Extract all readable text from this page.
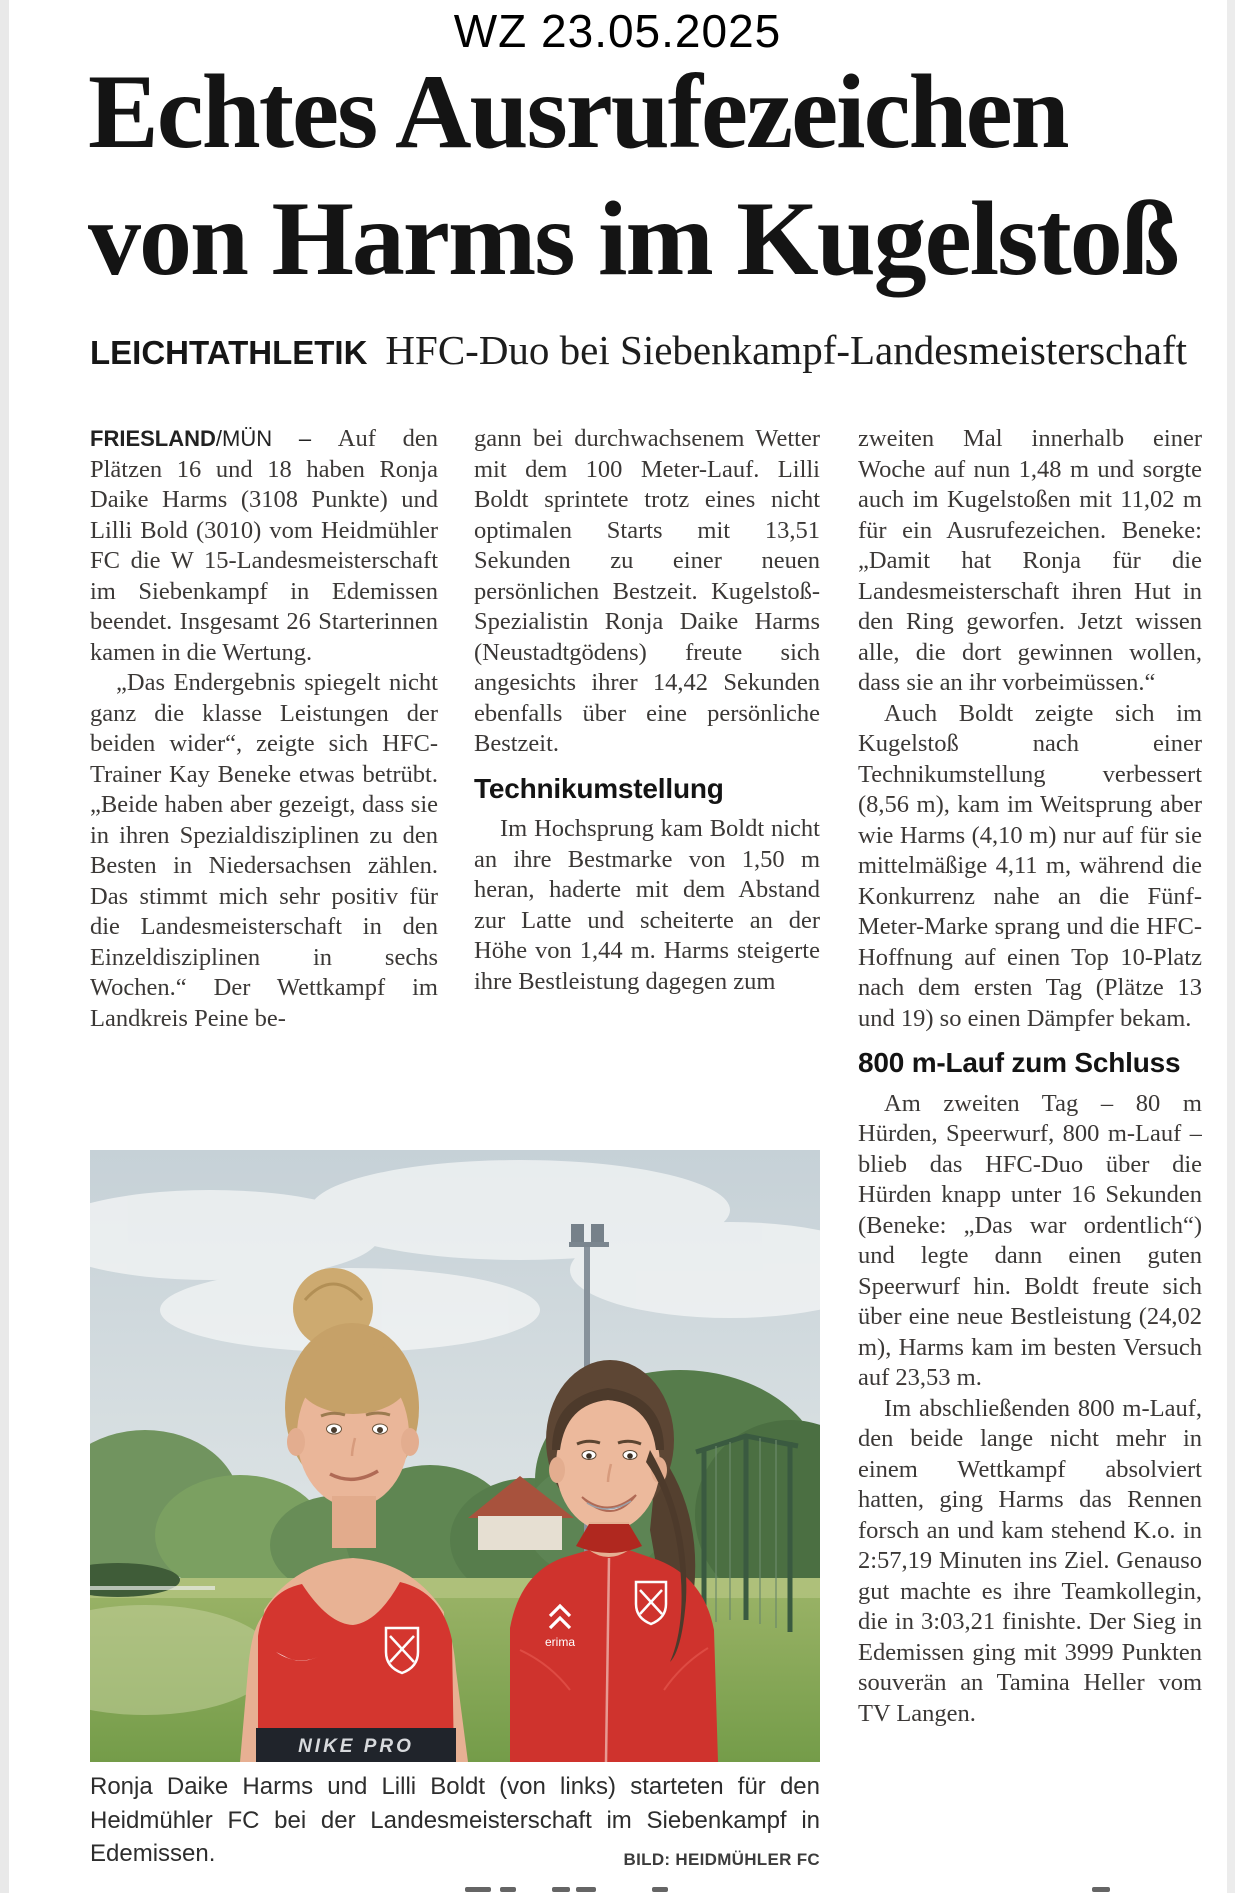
WZ 23.05.2025
Echtes Ausrufezeichen
von Harms im Kugelstoß
LEICHTATHLETIK HFC-Duo bei Siebenkampf-Landesmeisterschaft

FRIESLAND/MÜN – Auf den Plätzen 16 und 18 haben Ronja Daike Harms (3108 Punkte) und Lilli Bold (3010) vom Heidmühler FC die W 15-Landesmeisterschaft im Siebenkampf in Edemissen beendet. Insgesamt 26 Starterinnen kamen in die Wertung.

„Das Endergebnis spiegelt nicht ganz die klasse Leistungen der beiden wider“, zeigte sich HFC-Trainer Kay Beneke etwas betrübt. „Beide haben aber gezeigt, dass sie in ihren Spezialdisziplinen zu den Besten in Niedersachsen zählen. Das stimmt mich sehr positiv für die Landesmeisterschaft in den Einzeldisziplinen in sechs Wochen.“ Der Wettkampf im Landkreis Peine be-

gann bei durchwachsenem Wetter mit dem 100 Meter-Lauf. Lilli Boldt sprintete trotz eines nicht optimalen Starts mit 13,51 Sekunden zu einer neuen persönlichen Bestzeit. Kugelstoß-Spezialistin Ronja Daike Harms (Neustadtgödens) freute sich angesichts ihrer 14,42 Sekunden ebenfalls über eine persönliche Bestzeit.

Technikumstellung

Im Hochsprung kam Boldt nicht an ihre Bestmarke von 1,50 m heran, haderte mit dem Abstand zur Latte und scheiterte an der Höhe von 1,44 m. Harms steigerte ihre Bestleistung dagegen zum

zweiten Mal innerhalb einer Woche auf nun 1,48 m und sorgte auch im Kugelstoßen mit 11,02 m für ein Ausrufezeichen. Beneke: „Damit hat Ronja für die Landesmeisterschaft ihren Hut in den Ring geworfen. Jetzt wissen alle, die dort gewinnen wollen, dass sie an ihr vorbeimüssen.“

Auch Boldt zeigte sich im Kugelstoß nach einer Technikumstellung verbessert (8,56 m), kam im Weitsprung aber wie Harms (4,10 m) nur auf für sie mittelmäßige 4,11 m, während die Konkurrenz nahe an die Fünf-Meter-Marke sprang und die HFC-Hoffnung auf einen Top 10-Platz nach dem ersten Tag (Plätze 13 und 19) so einen Dämpfer bekam.

800 m-Lauf zum Schluss

Am zweiten Tag – 80 m Hürden, Speerwurf, 800 m-Lauf – blieb das HFC-Duo über die Hürden knapp unter 16 Sekunden (Beneke: „Das war ordentlich“) und legte dann einen guten Speerwurf hin. Boldt freute sich über eine neue Bestleistung (24,02 m), Harms kam im besten Versuch auf 23,53 m.

Im abschließenden 800 m-Lauf, den beide lange nicht mehr in einem Wettkampf absolviert hatten, ging Harms das Rennen forsch an und kam stehend K.o. in 2:57,19 Minuten ins Ziel. Genauso gut machte es ihre Teamkollegin, die in 3:03,21 finishte. Der Sieg in Edemissen ging mit 3999 Punkten souverän an Tamina Heller vom TV Langen.

NIKE PRO
erima
Ronja Daike Harms und Lilli Boldt (von links) starteten für den Heidmühler FC bei der Landesmeisterschaft im Siebenkampf in Edemissen.	BILD: HEIDMÜHLER FC
